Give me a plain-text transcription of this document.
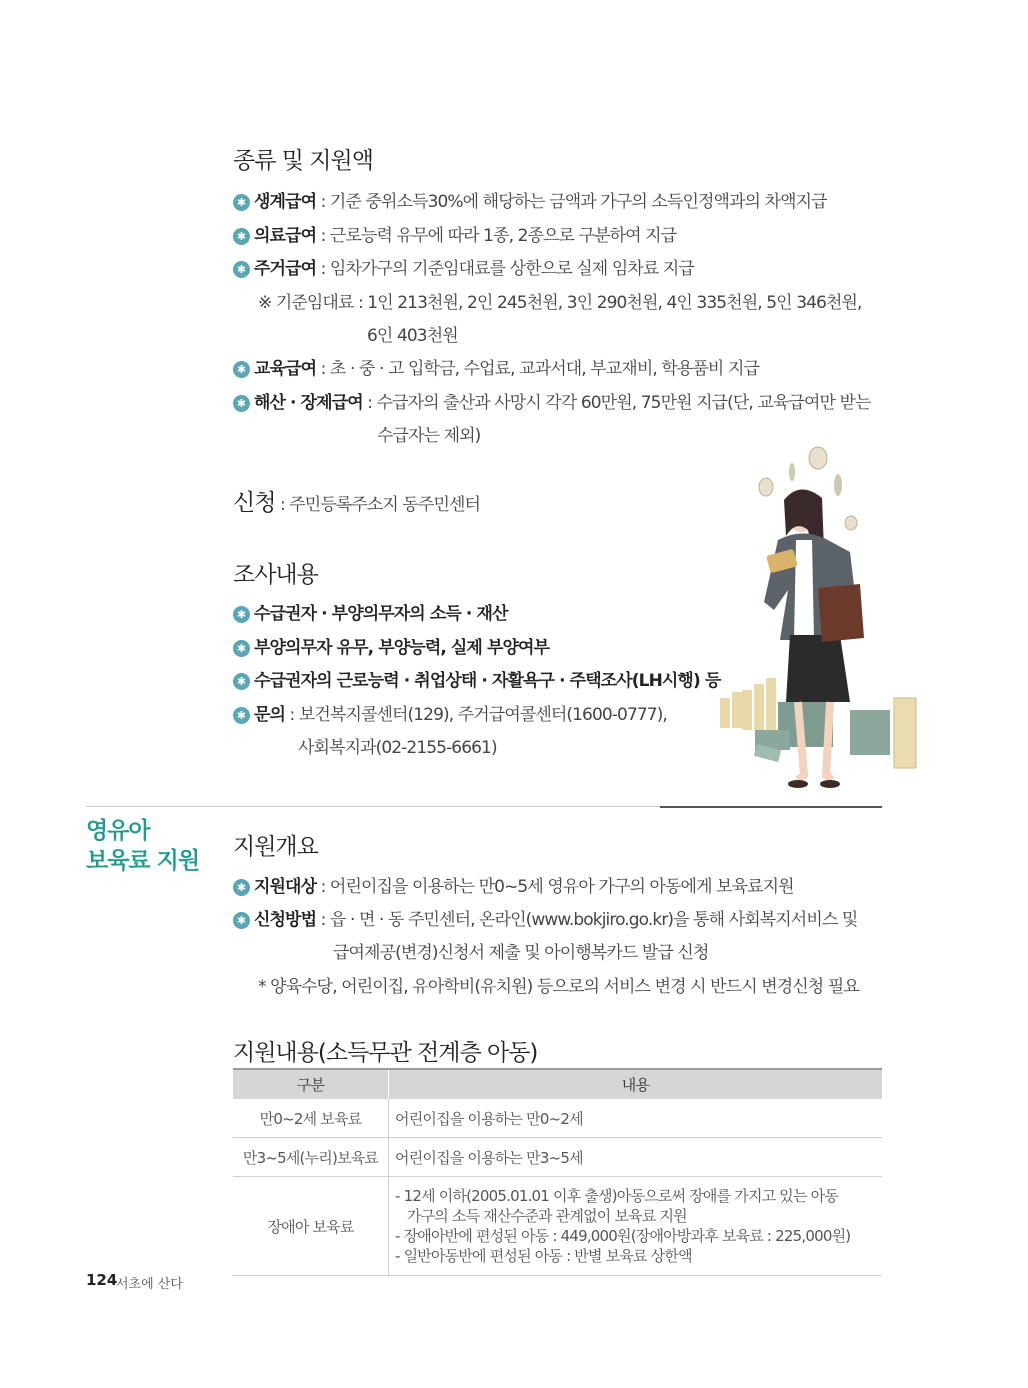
종류 및 지원액
✱ 생계급여 : 기준 중위소득30%에 해당하는 금액과 가구의 소득인정액과의 차액지급
✱ 의료급여 : 근로능력 유무에 따라 1종, 2종으로 구분하여 지급
✱ 주거급여 : 임차가구의 기준임대료를 상한으로 실제 임차료 지급
※ 기준임대료 : 1인 213천원, 2인 245천원, 3인 290천원, 4인 335천원, 5인 346천원,
6인 403천원
✱ 교육급여 : 초 · 중 · 고 입학금, 수업료, 교과서대, 부교재비, 학용품비 지급
✱ 해산 · 장제급여 : 수급자의 출산과 사망시 각각 60만원, 75만원 지급(단, 교육급여만 받는
수급자는 제외)
신청 : 주민등록주소지 동주민센터
조사내용
✱ 수급권자 · 부양의무자의 소득 · 재산
✱ 부양의무자 유무, 부양능력, 실제 부양여부
✱ 수급권자의 근로능력 · 취업상태 · 자활욕구 · 주택조사(LH시행) 등
✱ 문의 : 보건복지콜센터(129), 주거급여콜센터(1600-0777),
사회복지과(02-2155-6661)
영유아
보육료 지원
지원개요
✱ 지원대상 : 어린이집을 이용하는 만0~5세 영유아 가구의 아동에게 보육료지원
✱ 신청방법 : 읍 · 면 · 동 주민센터, 온라인(www.bokjiro.go.kr)을 통해 사회복지서비스 및
급여제공(변경)신청서 제출 및 아이행복카드 발급 신청
* 양육수당, 어린이집, 유아학비(유치원) 등으로의 서비스 변경 시 반드시 변경신청 필요
지원내용(소득무관 전계층 아동)
구분	내용
만0~2세 보육료	어린이집을 이용하는 만0~2세
만3~5세(누리)보육료	어린이집을 이용하는 만3~5세
장애아 보육료	- 12세 이하(2005.01.01 이후 출생)아동으로써 장애를 가지고 있는 아동
가구의 소득 재산수준과 관계없이 보육료 지원
- 장애아반에 편성된 아동 : 449,000원(장애아방과후 보육료 : 225,000원)
- 일반아동반에 편성된 아동 : 반별 보육료 상한액
124
서초에 산다
